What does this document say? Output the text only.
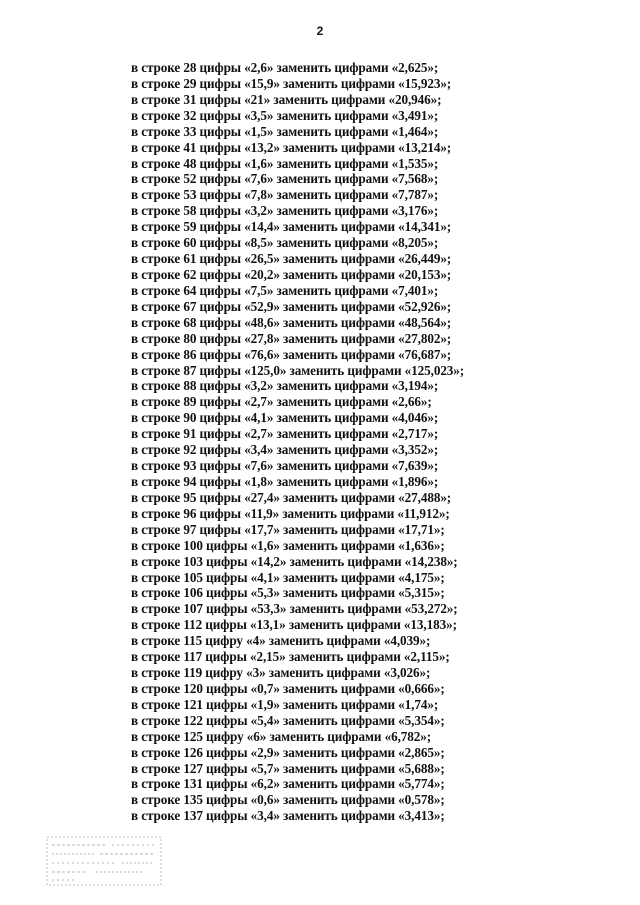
2
в строке 28 цифры «2,6» заменить цифрами «2,625»;
в строке 29 цифры «15,9» заменить цифрами «15,923»;
в строке 31 цифры «21» заменить цифрами «20,946»;
в строке 32 цифры «3,5» заменить цифрами «3,491»;
в строке 33 цифры «1,5» заменить цифрами «1,464»;
в строке 41 цифры «13,2» заменить цифрами «13,214»;
в строке 48 цифры «1,6» заменить цифрами «1,535»;
в строке 52 цифры «7,6» заменить цифрами «7,568»;
в строке 53 цифры «7,8» заменить цифрами «7,787»;
в строке 58 цифры «3,2» заменить цифрами «3,176»;
в строке 59 цифры «14,4» заменить цифрами «14,341»;
в строке 60 цифры «8,5» заменить цифрами «8,205»;
в строке 61 цифры «26,5» заменить цифрами «26,449»;
в строке 62 цифры «20,2» заменить цифрами «20,153»;
в строке 64 цифры «7,5» заменить цифрами «7,401»;
в строке 67 цифры «52,9» заменить цифрами «52,926»;
в строке 68 цифры «48,6» заменить цифрами «48,564»;
в строке 80 цифры «27,8» заменить цифрами «27,802»;
в строке 86 цифры «76,6» заменить цифрами «76,687»;
в строке 87 цифры «125,0» заменить цифрами «125,023»;
в строке 88 цифры «3,2» заменить цифрами «3,194»;
в строке 89 цифры «2,7» заменить цифрами «2,66»;
в строке 90 цифры «4,1» заменить цифрами «4,046»;
в строке 91 цифры «2,7» заменить цифрами «2,717»;
в строке 92 цифры «3,4» заменить цифрами «3,352»;
в строке 93 цифры «7,6» заменить цифрами «7,639»;
в строке 94 цифры «1,8» заменить цифрами «1,896»;
в строке 95 цифры «27,4» заменить цифрами «27,488»;
в строке 96 цифры «11,9» заменить цифрами «11,912»;
в строке 97 цифры «17,7» заменить цифрами «17,71»;
в строке 100 цифры «1,6» заменить цифрами «1,636»;
в строке 103 цифры «14,2» заменить цифрами «14,238»;
в строке 105 цифры «4,1» заменить цифрами «4,175»;
в строке 106 цифры «5,3» заменить цифрами «5,315»;
в строке 107 цифры «53,3» заменить цифрами «53,272»;
в строке 112 цифры «13,1» заменить цифрами «13,183»;
в строке 115 цифру «4» заменить цифрами «4,039»;
в строке 117 цифры «2,15» заменить цифрами «2,115»;
в строке 119 цифру «3» заменить цифрами «3,026»;
в строке 120 цифры «0,7» заменить цифрами «0,666»;
в строке 121 цифры «1,9» заменить цифрами «1,74»;
в строке 122 цифры «5,4» заменить цифрами «5,354»;
в строке 125 цифру «6» заменить цифрами «6,782»;
в строке 126 цифры «2,9» заменить цифрами «2,865»;
в строке 127 цифры «5,7» заменить цифрами «5,688»;
в строке 131 цифры «6,2» заменить цифрами «5,774»;
в строке 135 цифры «0,6» заменить цифрами «0,578»;
в строке 137 цифры «3,4» заменить цифрами «3,413»;
